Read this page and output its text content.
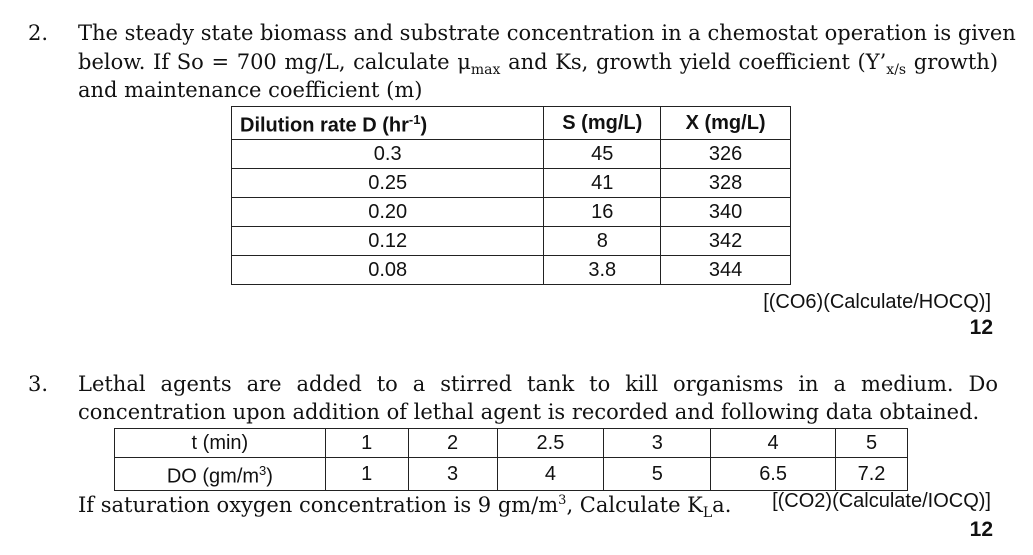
2. The steady state biomass and substrate concentration in a chemostat operation is given
below. If So = 700 mg/L, calculate $\mu_{max}$ and Ks, growth yield coefficient ($Y’_{x/s}$ growth)
and maintenance coefficient (m)
Dilution rate D $(hr^{-1})$	S (mg/L)	X (mg/L)
0.3	45	326
0.25	41	328
0.20	16	340
0.12	8	342
0.08	3.8	344
[(CO6)(Calculate/HOCQ)]
12
3. Lethal agents are added to a stirred tank to kill organisms in a medium. Do
concentration upon addition of lethal agent is recorded and following data obtained.
t (min)	1	2	2.5	3	4	5
DO $(gm/m^3)$	1	3	4	5	6.5	7.2
If saturation oxygen concentration is 9 $gm/m^3$, Calculate $K_La$. [(CO2)(Calculate/IOCQ)]
12
